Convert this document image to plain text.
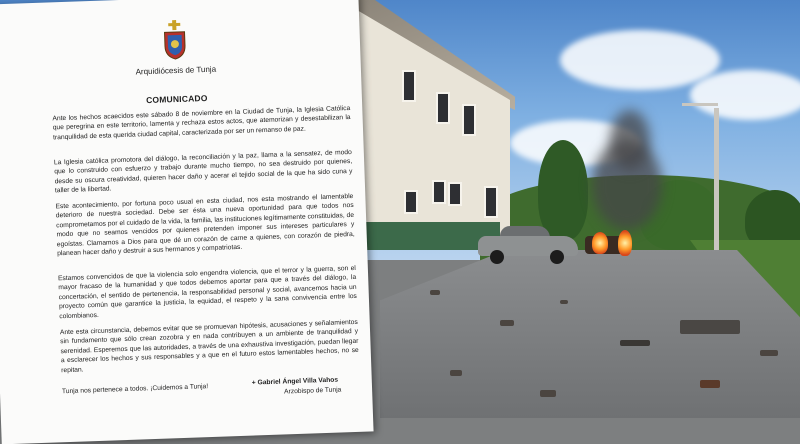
Arquidiócesis de Tunja
COMUNICADO

Ante los hechos acaecidos este sábado 8 de noviembre en la Ciudad de Tunja, la Iglesia Católica que peregrina en este territorio, lamenta y rechaza estos actos, que atemorizan y desestabilizan la tranquilidad de esta querida ciudad capital, caracterizada por ser un remanso de paz.

La Iglesia católica promotora del diálogo, la reconciliación y la paz, llama a la sensatez, de modo que lo construido con esfuerzo y trabajo durante mucho tiempo, no sea destruido por quienes, desde su oscura creatividad, quieren hacer daño y acerar el tejido social de la que ha sido cuna y taller de la libertad.

Este acontecimiento, por fortuna poco usual en esta ciudad, nos esta mostrando el lamentable deterioro de nuestra sociedad. Debe ser ésta una nueva oportunidad para que todos nos comprometamos por el cuidado de la vida, la familia, las instituciones legítimamente constituidas, de modo que no seamos vencidos por quienes pretenden imponer sus intereses particulares y egoístas. Clamamos a Dios para que dé un corazón de carne a quienes, con corazón de piedra, planean hacer daño y destruir a sus hermanos y compatriotas.

Estamos convencidos de que la violencia solo engendra violencia, que el terror y la guerra, son el mayor fracaso de la humanidad y que todos debemos aportar para que a través del diálogo, la concertación, el sentido de pertenencia, la responsabilidad personal y social, avancemos hacia un proyecto común que garantice la justicia, la equidad, el respeto y la sana convivencia entre los colombianos.

Ante esta circunstancia, debemos evitar que se promuevan hipótesis, acusaciones y señalamientos sin fundamento que sólo crean zozobra y en nada contribuyen a un ambiente de tranquilidad y serenidad. Esperemos que las autoridades, a través de una exhaustiva investigación, puedan llegar a esclarecer los hechos y sus responsables y a que en el futuro estos lamentables hechos, no se repitan.

Tunja nos pertenece a todos. ¡Cuidemos a Tunja!
+ Gabriel Ángel Villa Vahos
Arzobispo de Tunja
